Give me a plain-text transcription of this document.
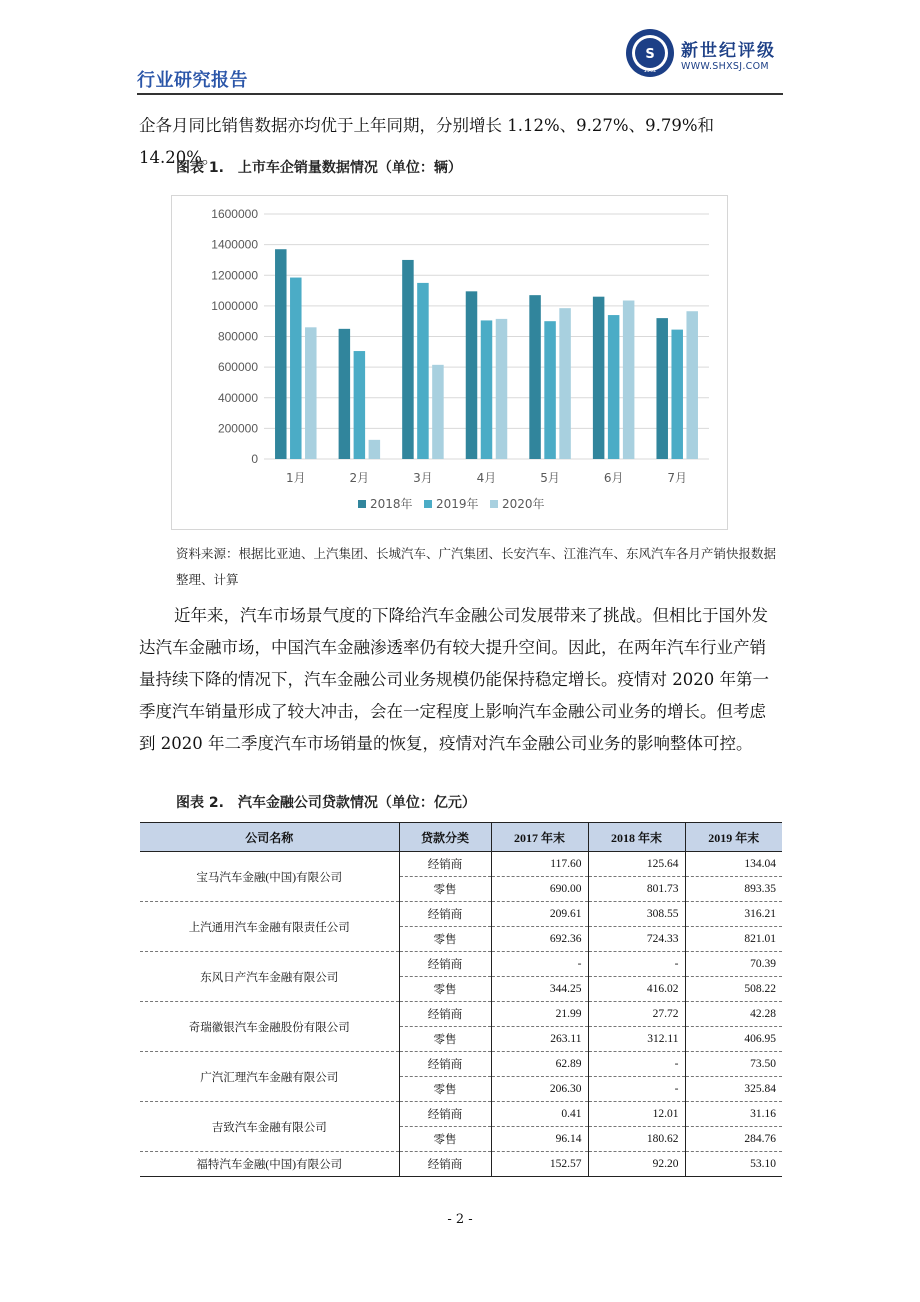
行业研究报告
S
1992
新世纪评级
WWW.SHXSJ.COM
企各月同比销售数据亦均优于上年同期，分别增长 1.12%、9.27%、9.79%和 14.20%。
图表 1.　上市车企销量数据情况（单位：辆）
0
200000
400000
600000
800000
1000000
1200000
1400000
1600000
1月	2月	3月	4月	5月	6月	7月
2018年 2019年 2020年
资料来源：根据比亚迪、上汽集团、长城汽车、广汽集团、长安汽车、江淮汽车、东风汽车各月产销快报数据整理、计算
近年来，汽车市场景气度的下降给汽车金融公司发展带来了挑战。但相比于国外发达汽车金融市场，中国汽车金融渗透率仍有较大提升空间。因此，在两年汽车行业产销量持续下降的情况下，汽车金融公司业务规模仍能保持稳定增长。疫情对 2020 年第一季度汽车销量形成了较大冲击，会在一定程度上影响汽车金融公司业务的增长。但考虑到 2020 年二季度汽车市场销量的恢复，疫情对汽车金融公司业务的影响整体可控。
图表 2.　汽车金融公司贷款情况（单位：亿元）
公司名称	贷款分类	2017 年末	2018 年末	2019 年末
宝马汽车金融(中国)有限公司	经销商	117.60	125.64	134.04
	零售	690.00	801.73	893.35
上汽通用汽车金融有限责任公司	经销商	209.61	308.55	316.21
	零售	692.36	724.33	821.01
东风日产汽车金融有限公司	经销商	-	-	70.39
	零售	344.25	416.02	508.22
奇瑞徽银汽车金融股份有限公司	经销商	21.99	27.72	42.28
	零售	263.11	312.11	406.95
广汽汇理汽车金融有限公司	经销商	62.89	-	73.50
	零售	206.30	-	325.84
吉致汽车金融有限公司	经销商	0.41	12.01	31.16
	零售	96.14	180.62	284.76
福特汽车金融(中国)有限公司	经销商	152.57	92.20	53.10
- 2 -
